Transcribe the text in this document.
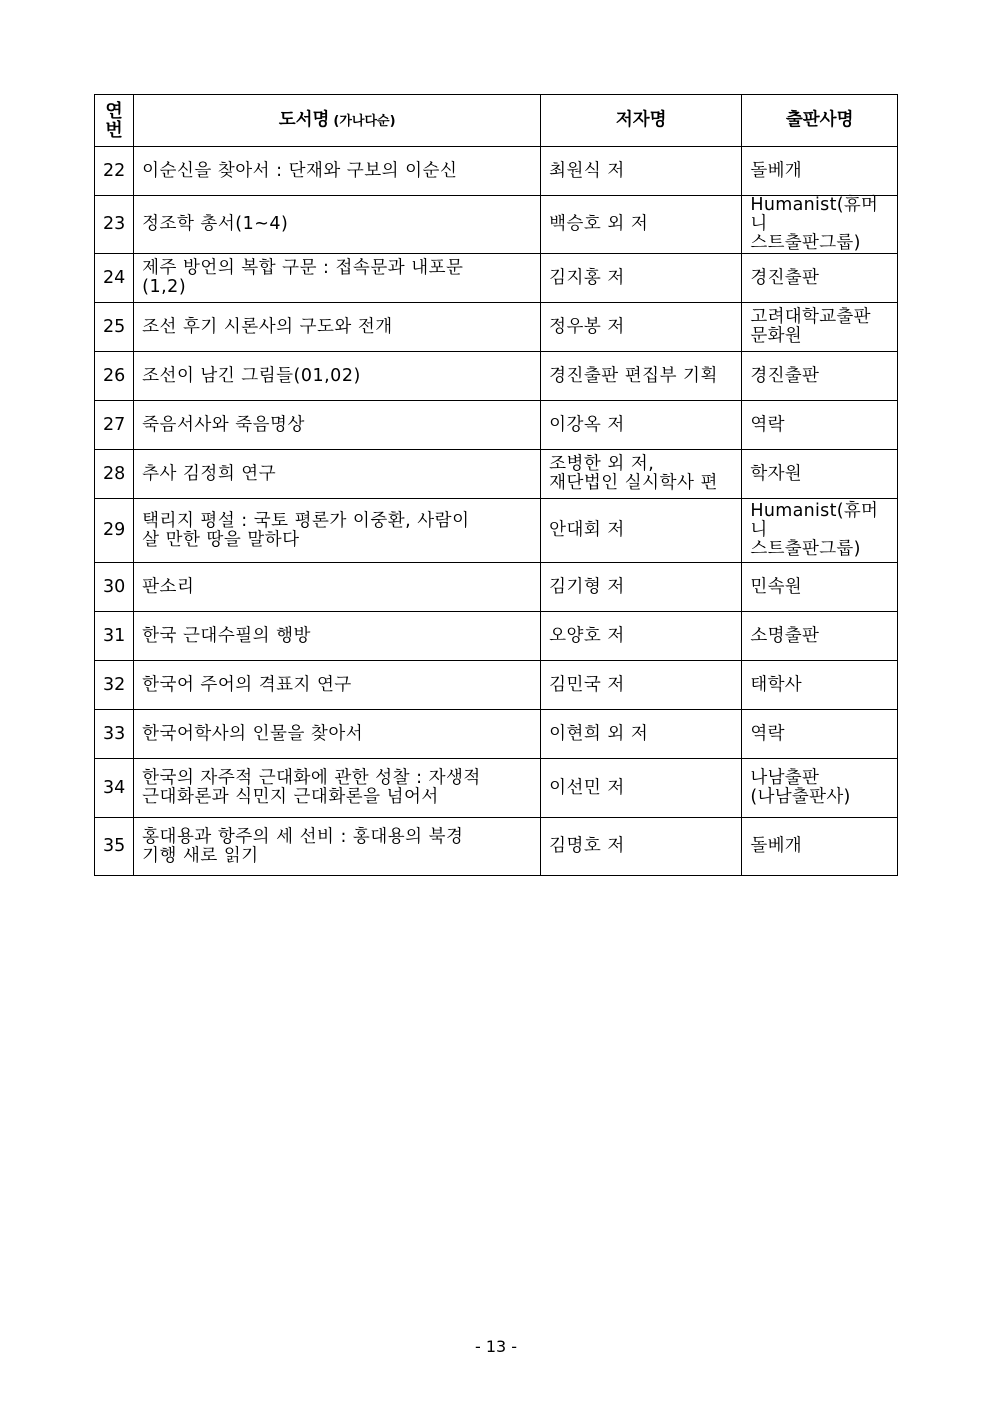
연
번	도서명 (가나다순)	저자명	출판사명
22	이순신을 찾아서 : 단재와 구보의 이순신	최원식 저	돌베개

23	정조학 총서(1~4)	백승호 외 저	Humanist(휴머니
스트출판그룹)

24	제주 방언의 복합 구문 : 접속문과 내포문
(1,2)	김지홍 저	경진출판

25	조선 후기 시론사의 구도와 전개	정우봉 저	고려대학교출판
문화원

26	조선이 남긴 그림들(01,02)	경진출판 편집부 기획	경진출판

27	죽음서사와 죽음명상	이강옥 저	역락

28	추사 김정희 연구	조병한 외 저,
재단법인 실시학사 편	학자원

29	택리지 평설 : 국토 평론가 이중환, 사람이
살 만한 땅을 말하다	안대회 저	Humanist(휴머니
스트출판그룹)

30	판소리	김기형 저	민속원

31	한국 근대수필의 행방	오양호 저	소명출판

32	한국어 주어의 격표지 연구	김민국 저	태학사

33	한국어학사의 인물을 찾아서	이현희 외 저	역락

34	한국의 자주적 근대화에 관한 성찰 : 자생적
근대화론과 식민지 근대화론을 넘어서	이선민 저	나남출판
(나남출판사)

35	홍대용과 항주의 세 선비 : 홍대용의 북경
기행 새로 읽기	김명호 저	돌베개
- 13 -
